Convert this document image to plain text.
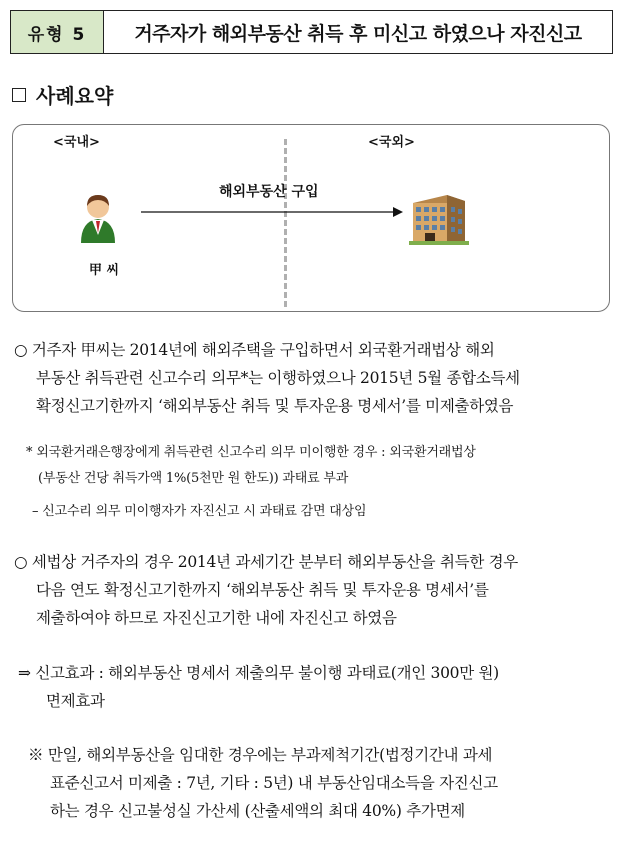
유형 5	거주자가 해외부동산 취득 후 미신고 하였으나 자진신고
사례요약
<국내>	<국외>
해외부동산 구입
甲 씨
○ 거주자 甲씨는 2014년에 해외주택을 구입하면서 외국환거래법상 해외
부동산 취득관련 신고수리 의무*는 이행하였으나 2015년 5월 종합소득세
확정신고기한까지 ‘해외부동산 취득 및 투자운용 명세서’를 미제출하였음
* 외국환거래은행장에게 취득관련 신고수리 의무 미이행한 경우 : 외국환거래법상
(부동산 건당 취득가액 1%(5천만 원 한도)) 과태료 부과
– 신고수리 의무 미이행자가 자진신고 시 과태료 감면 대상임
○ 세법상 거주자의 경우 2014년 과세기간 분부터 해외부동산을 취득한 경우
다음 연도 확정신고기한까지 ‘해외부동산 취득 및 투자운용 명세서’를
제출하여야 하므로 자진신고기한 내에 자진신고 하였음
⇒ 신고효과 : 해외부동산 명세서 제출의무 불이행 과태료(개인 300만 원)
면제효과
※ 만일, 해외부동산을 임대한 경우에는 부과제척기간(법정기간내 과세
표준신고서 미제출 : 7년, 기타 : 5년) 내 부동산임대소득을 자진신고
하는 경우 신고불성실 가산세 (산출세액의 최대 40%) 추가면제
